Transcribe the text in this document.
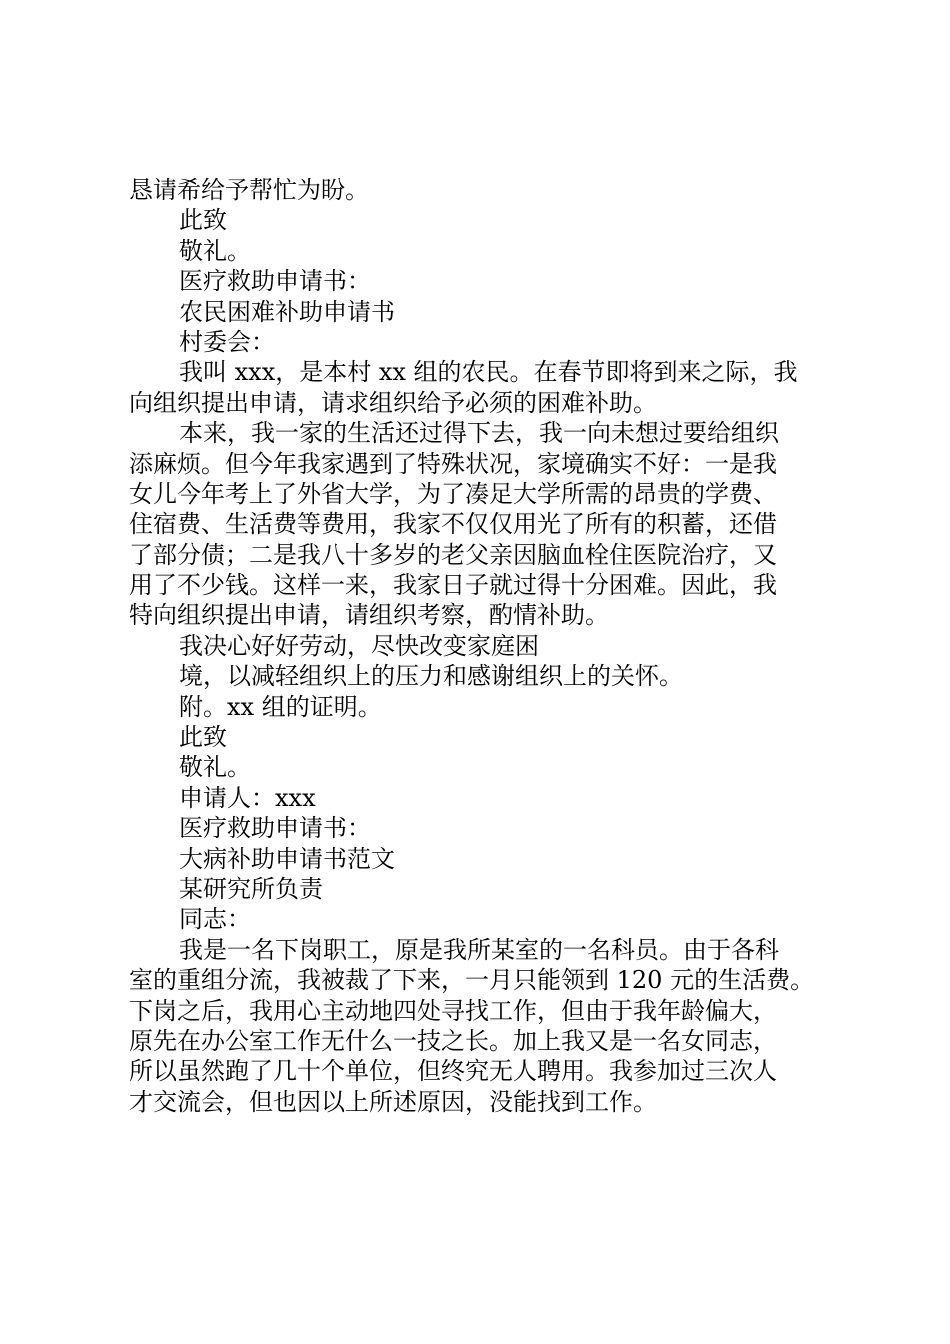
恳请希给予帮忙为盼。
此致
敬礼。
医疗救助申请书：
农民困难补助申请书
村委会：
我叫 xxx，是本村 xx 组的农民。在春节即将到来之际，我
向组织提出申请，请求组织给予必须的困难补助。
本来，我一家的生活还过得下去，我一向未想过要给组织
添麻烦。但今年我家遇到了特殊状况，家境确实不好：一是我
女儿今年考上了外省大学，为了凑足大学所需的昂贵的学费、
住宿费、生活费等费用，我家不仅仅用光了所有的积蓄，还借
了部分债；二是我八十多岁的老父亲因脑血栓住医院治疗，又
用了不少钱。这样一来，我家日子就过得十分困难。因此，我
特向组织提出申请，请组织考察，酌情补助。
我决心好好劳动，尽快改变家庭困
境，以减轻组织上的压力和感谢组织上的关怀。
附。xx 组的证明。
此致
敬礼。
申请人：xxx
医疗救助申请书：
大病补助申请书范文
某研究所负责
同志：
我是一名下岗职工，原是我所某室的一名科员。由于各科
室的重组分流，我被裁了下来，一月只能领到 120 元的生活费。
下岗之后，我用心主动地四处寻找工作，但由于我年龄偏大，
原先在办公室工作无什么一技之长。加上我又是一名女同志，
所以虽然跑了几十个单位，但终究无人聘用。我参加过三次人
才交流会，但也因以上所述原因，没能找到工作。
